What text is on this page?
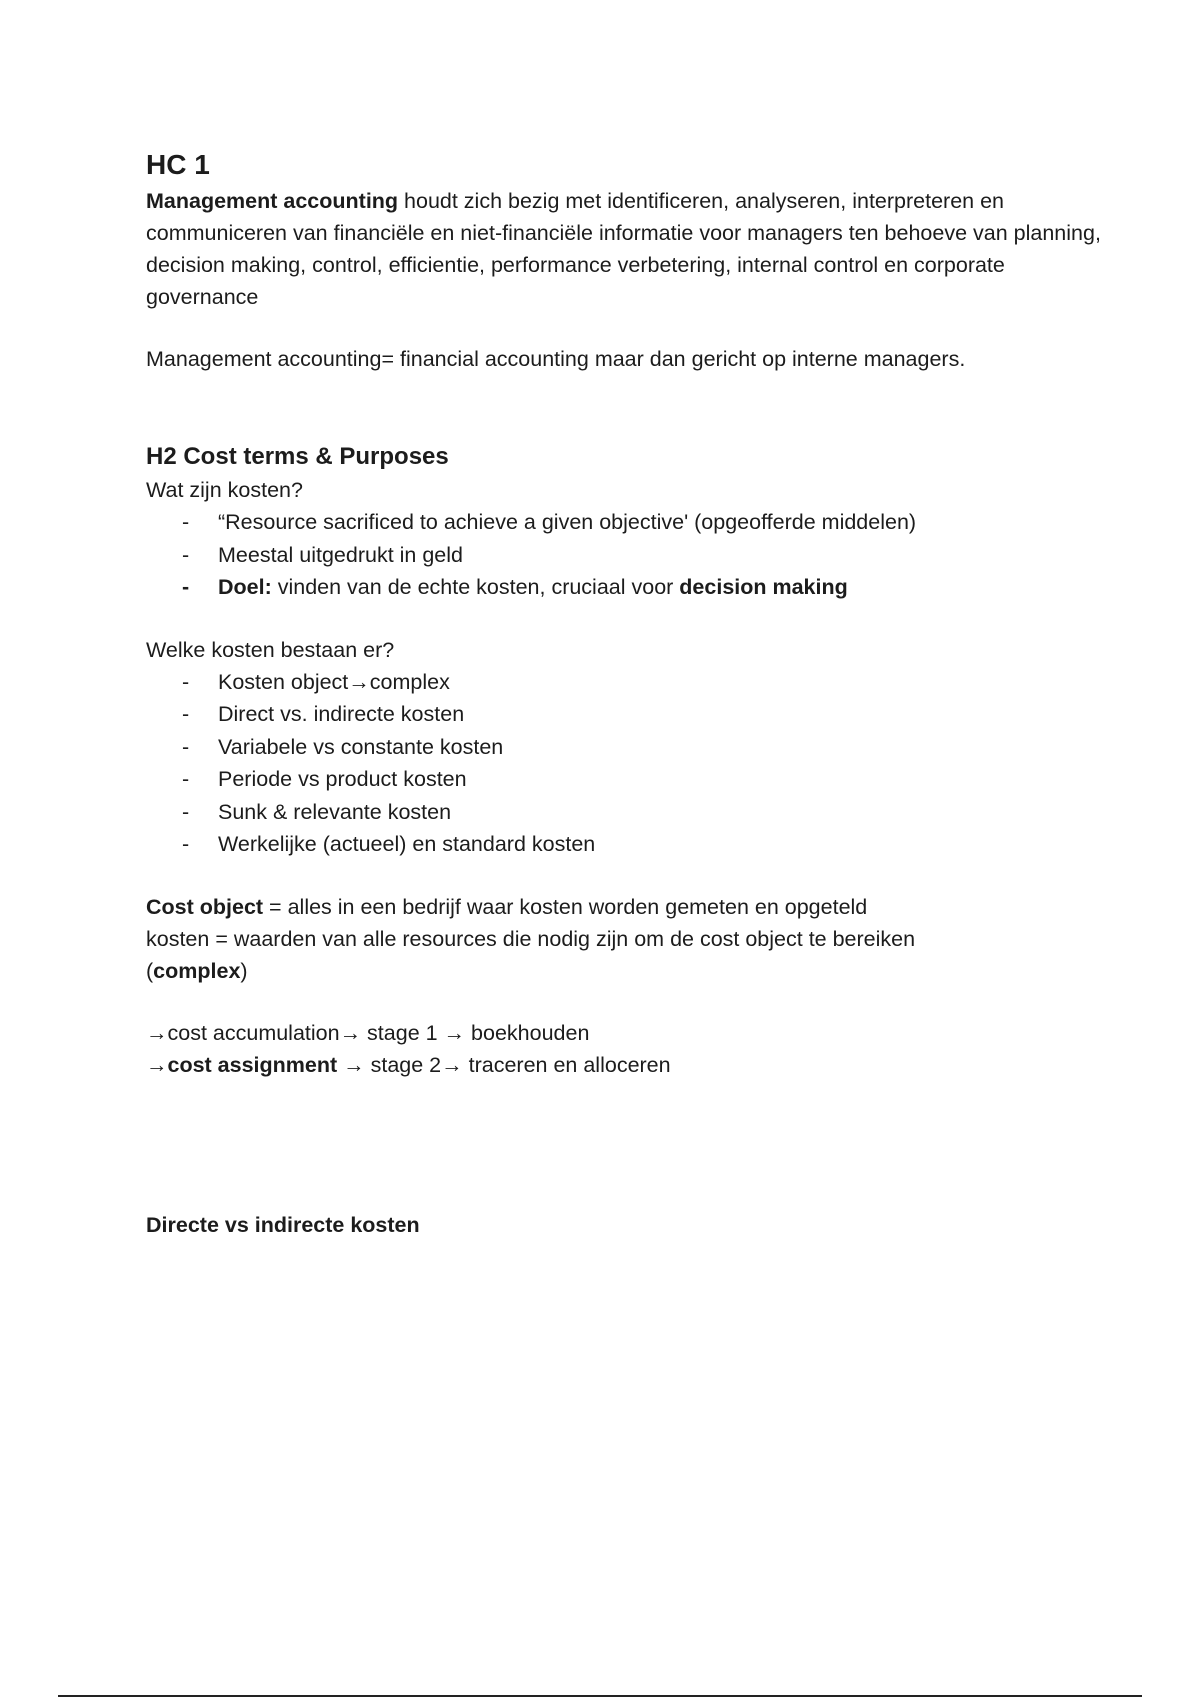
HC 1

Management accounting houdt zich bezig met identificeren, analyseren, interpreteren en communiceren van financiële en niet-financiële informatie voor managers ten behoeve van planning, decision making, control, efficientie, performance verbetering, internal control en corporate governance

Management accounting= financial accounting maar dan gericht op interne managers.

H2 Cost terms & Purposes

Wat zijn kosten?

- “Resource sacrificed to achieve a given objective' (opgeofferde middelen)
- Meestal uitgedrukt in geld
- Doel: vinden van de echte kosten, cruciaal voor decision making

Welke kosten bestaan er?

- Kosten object→complex
- Direct vs. indirecte kosten
- Variabele vs constante kosten
- Periode vs product kosten
- Sunk & relevante kosten
- Werkelijke (actueel) en standard kosten

Cost object = alles in een bedrijf waar kosten worden gemeten en opgeteld

kosten = waarden van alle resources die nodig zijn om de cost object te bereiken
(complex)

→cost accumulation→ stage 1 → boekhouden

→cost assignment → stage 2→ traceren en alloceren

Directe vs indirecte kosten
